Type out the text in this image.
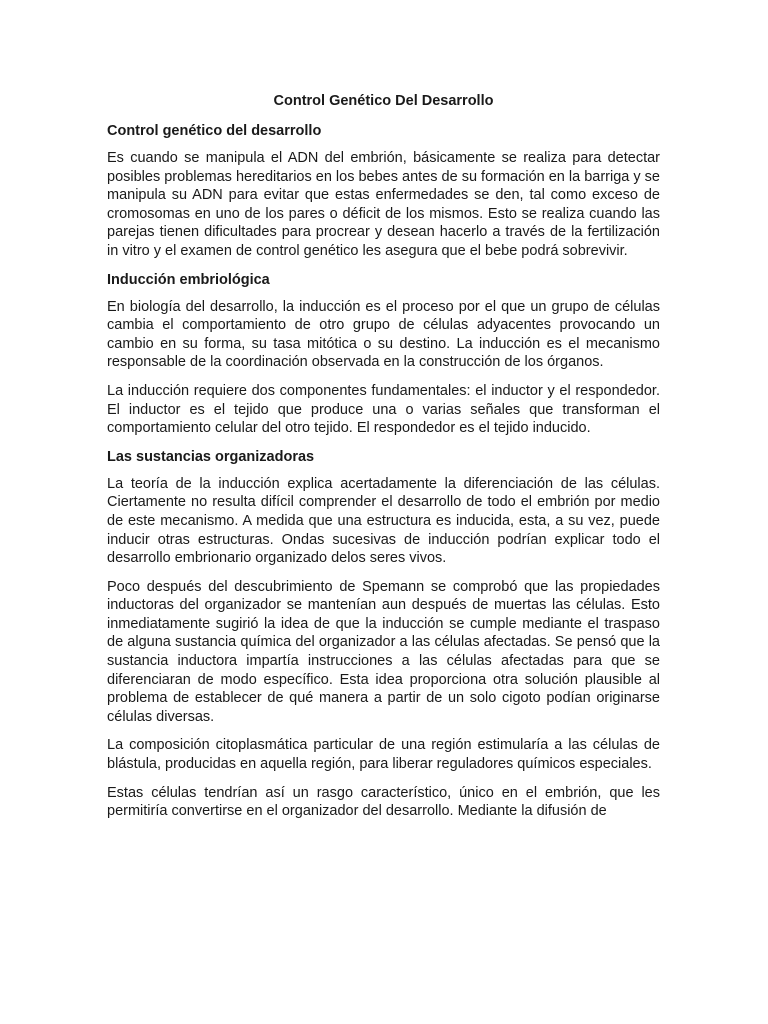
Control Genético Del Desarrollo
Control genético del desarrollo

Es cuando se manipula el ADN del embrión, básicamente se realiza para detectar posibles problemas hereditarios en los bebes antes de su formación en la barriga y se manipula su ADN para evitar que estas enfermedades se den, tal como exceso de cromosomas en uno de los pares o déficit de los mismos. Esto se realiza cuando las parejas tienen dificultades para procrear y desean hacerlo a través de la fertilización in vitro y el examen de control genético les asegura que el bebe podrá sobrevivir.

Inducción embriológica

En biología del desarrollo, la inducción es el proceso por el que un grupo de células cambia el comportamiento de otro grupo de células adyacentes provocando un cambio en su forma, su tasa mitótica o su destino. La inducción es el mecanismo responsable de la coordinación observada en la construcción de los órganos.

La inducción requiere dos componentes fundamentales: el inductor y el respondedor. El inductor es el tejido que produce una o varias señales que transforman el comportamiento celular del otro tejido. El respondedor es el tejido inducido.

Las sustancias organizadoras

La teoría de la inducción explica acertadamente la diferenciación de las células. Ciertamente no resulta difícil comprender el desarrollo de todo el embrión por medio de este mecanismo. A medida que una estructura es inducida, esta, a su vez, puede inducir otras estructuras. Ondas sucesivas de inducción podrían explicar todo el desarrollo embrionario organizado delos seres vivos.

Poco después del descubrimiento de Spemann se comprobó que las propiedades inductoras del organizador se mantenían aun después de muertas las células. Esto inmediatamente sugirió la idea de que la inducción se cumple mediante el traspaso de alguna sustancia química del organizador a las células afectadas. Se pensó que la sustancia inductora impartía instrucciones a las células afectadas para que se diferenciaran de modo específico. Esta idea proporciona otra solución plausible al problema de establecer de qué manera a partir de un solo cigoto podían originarse células diversas.

La composición citoplasmática particular de una región estimularía a las células de blástula, producidas en aquella región, para liberar reguladores químicos especiales.

Estas células tendrían así un rasgo característico, único en el embrión, que les permitiría convertirse en el organizador del desarrollo. Mediante la difusión de
